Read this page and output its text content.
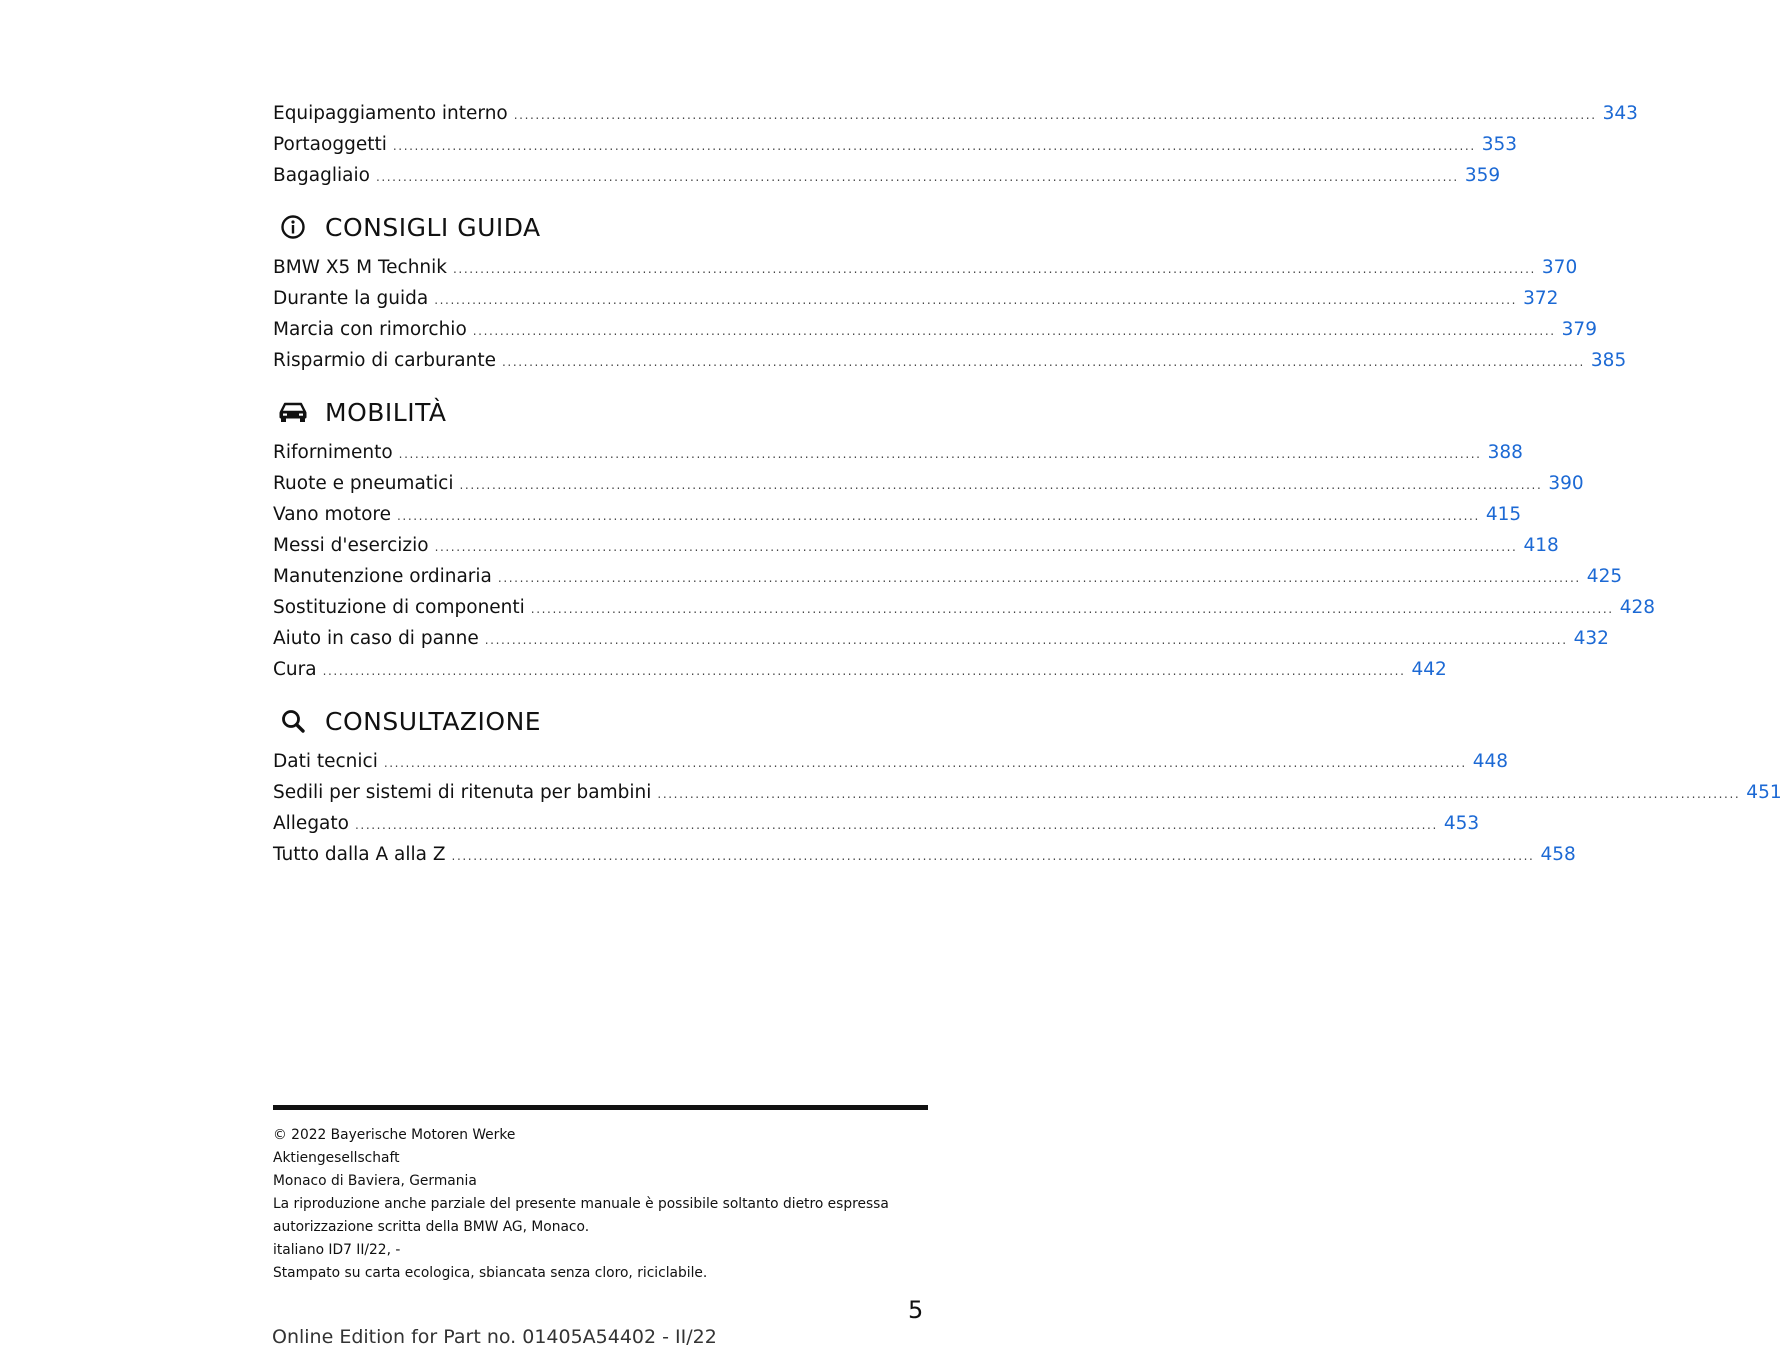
Equipaggiamento interno ........................................................................................................................................................................................................ 343
Portaoggetti ........................................................................................................................................................................................................ 353
Bagagliaio ........................................................................................................................................................................................................ 359
CONSIGLI GUIDA
BMW X5 M Technik ........................................................................................................................................................................................................ 370
Durante la guida ........................................................................................................................................................................................................ 372
Marcia con rimorchio ........................................................................................................................................................................................................ 379
Risparmio di carburante ........................................................................................................................................................................................................ 385
MOBILITÀ
Rifornimento ........................................................................................................................................................................................................ 388
Ruote e pneumatici ........................................................................................................................................................................................................ 390
Vano motore ........................................................................................................................................................................................................ 415
Messi d'esercizio ........................................................................................................................................................................................................ 418
Manutenzione ordinaria ........................................................................................................................................................................................................ 425
Sostituzione di componenti ........................................................................................................................................................................................................ 428
Aiuto in caso di panne ........................................................................................................................................................................................................ 432
Cura ........................................................................................................................................................................................................ 442
CONSULTAZIONE
Dati tecnici ........................................................................................................................................................................................................ 448
Sedili per sistemi di ritenuta per bambini ........................................................................................................................................................................................................ 451
Allegato ........................................................................................................................................................................................................ 453
Tutto dalla A alla Z ........................................................................................................................................................................................................ 458
© 2022 Bayerische Motoren Werke
Aktiengesellschaft
Monaco di Baviera, Germania
La riproduzione anche parziale del presente manuale è possibile soltanto dietro espressa
autorizzazione scritta della BMW AG, Monaco.
italiano ID7 II/22, -
Stampato su carta ecologica, sbiancata senza cloro, riciclabile.
5
Online Edition for Part no. 01405A54402 - II/22
